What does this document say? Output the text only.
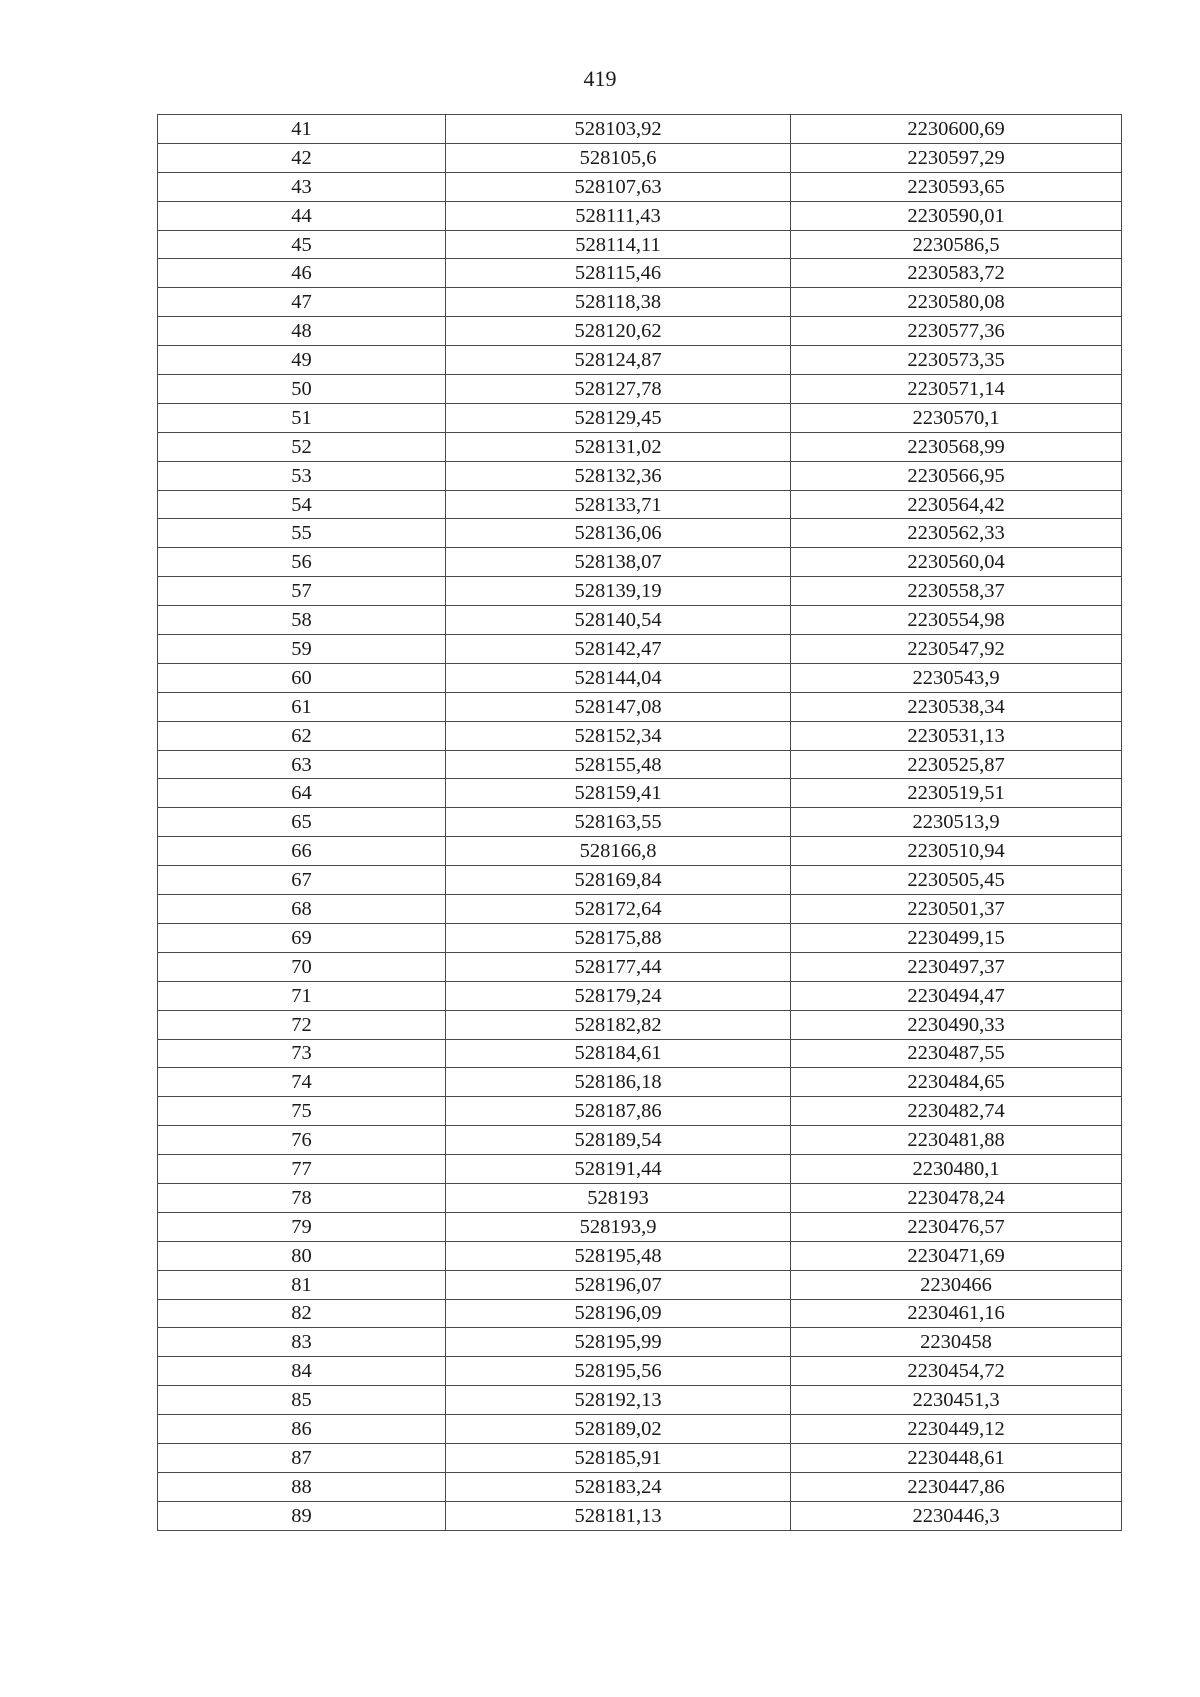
419
41	528103,92	2230600,69
42	528105,6	2230597,29
43	528107,63	2230593,65
44	528111,43	2230590,01
45	528114,11	2230586,5
46	528115,46	2230583,72
47	528118,38	2230580,08
48	528120,62	2230577,36
49	528124,87	2230573,35
50	528127,78	2230571,14
51	528129,45	2230570,1
52	528131,02	2230568,99
53	528132,36	2230566,95
54	528133,71	2230564,42
55	528136,06	2230562,33
56	528138,07	2230560,04
57	528139,19	2230558,37
58	528140,54	2230554,98
59	528142,47	2230547,92
60	528144,04	2230543,9
61	528147,08	2230538,34
62	528152,34	2230531,13
63	528155,48	2230525,87
64	528159,41	2230519,51
65	528163,55	2230513,9
66	528166,8	2230510,94
67	528169,84	2230505,45
68	528172,64	2230501,37
69	528175,88	2230499,15
70	528177,44	2230497,37
71	528179,24	2230494,47
72	528182,82	2230490,33
73	528184,61	2230487,55
74	528186,18	2230484,65
75	528187,86	2230482,74
76	528189,54	2230481,88
77	528191,44	2230480,1
78	528193	2230478,24
79	528193,9	2230476,57
80	528195,48	2230471,69
81	528196,07	2230466
82	528196,09	2230461,16
83	528195,99	2230458
84	528195,56	2230454,72
85	528192,13	2230451,3
86	528189,02	2230449,12
87	528185,91	2230448,61
88	528183,24	2230447,86
89	528181,13	2230446,3
